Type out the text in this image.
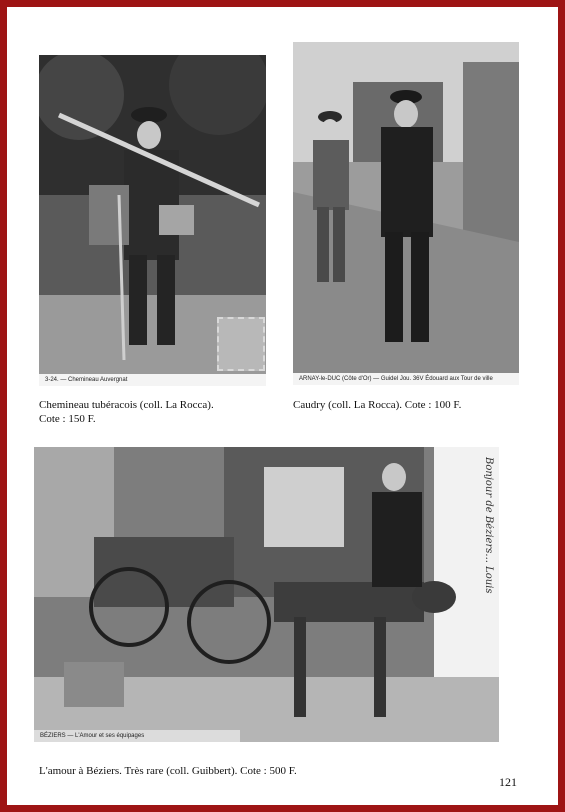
3-24. — Chemineau Auvergnat	ARNAY-le-DUC (Côte d'Or) — Guidel Jou. 36V Édouard aux Tour de ville
Chemineau tubéracois (coll. La Rocca).
Cote : 150 F.
Caudry (coll. La Rocca). Cote : 100 F.
Bonjour de Béziers... Louis
BÉZIERS — L'Amour et ses équipages
L'amour à Béziers. Très rare (coll. Guibbert). Cote : 500 F.
121
